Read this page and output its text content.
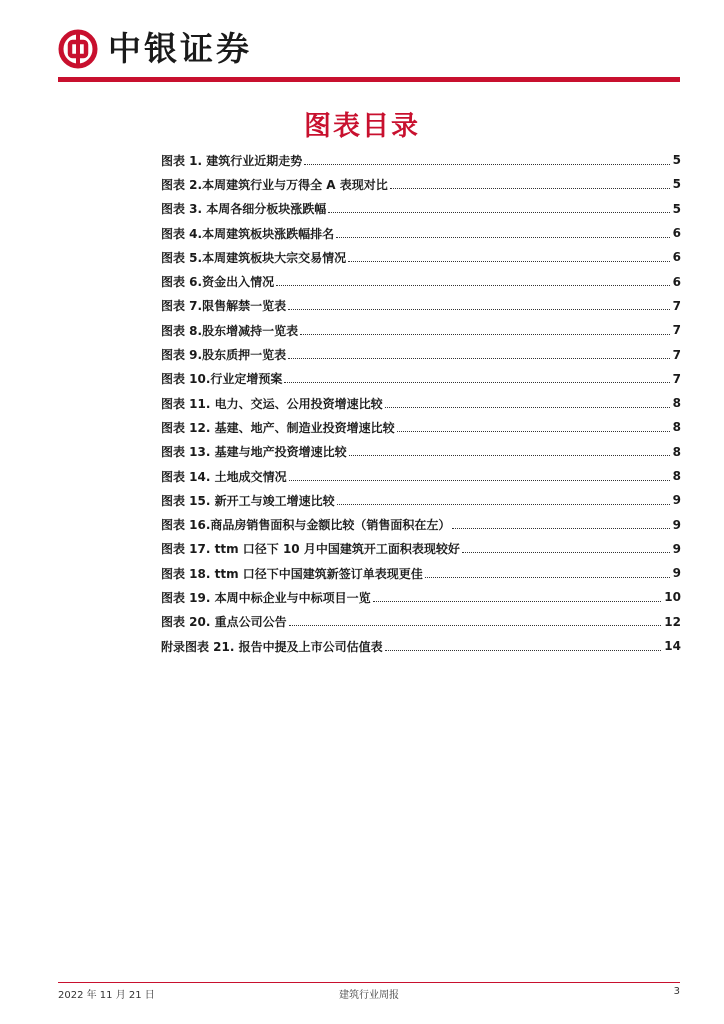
中银证券
图表目录
图表 1. 建筑行业近期走势	5
图表 2.本周建筑行业与万得全 A 表现对比	5
图表 3. 本周各细分板块涨跌幅	5
图表 4.本周建筑板块涨跌幅排名	6
图表 5.本周建筑板块大宗交易情况	6
图表 6.资金出入情况	6
图表 7.限售解禁一览表	7
图表 8.股东增减持一览表	7
图表 9.股东质押一览表	7
图表 10.行业定增预案	7
图表 11. 电力、交运、公用投资增速比较	8
图表 12. 基建、地产、制造业投资增速比较	8
图表 13. 基建与地产投资增速比较	8
图表 14. 土地成交情况	8
图表 15. 新开工与竣工增速比较	9
图表 16.商品房销售面积与金额比较（销售面积在左）	9
图表 17. ttm 口径下 10 月中国建筑开工面积表现较好	9
图表 18. ttm 口径下中国建筑新签订单表现更佳	9
图表 19. 本周中标企业与中标项目一览	10
图表 20. 重点公司公告	12
附录图表 21. 报告中提及上市公司估值表	14
2022 年 11 月 21 日	建筑行业周报	3
